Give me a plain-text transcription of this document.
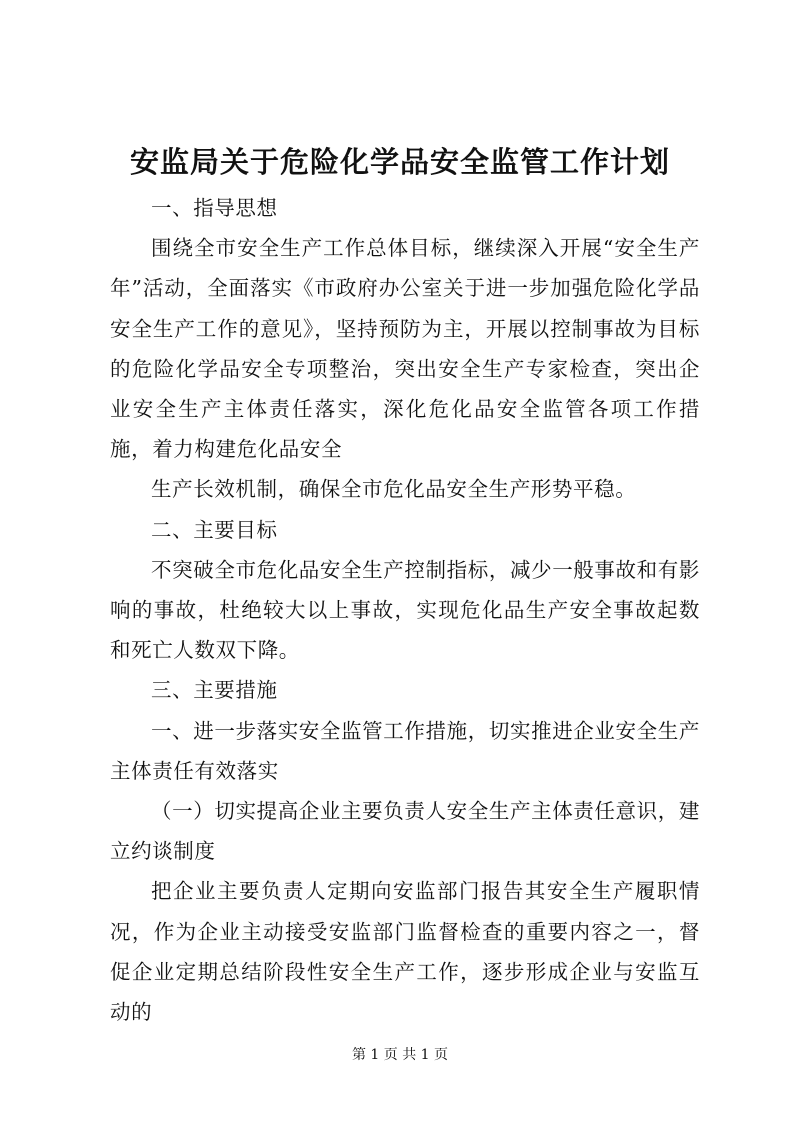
安监局关于危险化学品安全监管工作计划

一、指导思想

围绕全市安全生产工作总体目标，继续深入开展“安全生产年”活动，全面落实《市政府办公室关于进一步加强危险化学品安全生产工作的意见》，坚持预防为主，开展以控制事故为目标的危险化学品安全专项整治，突出安全生产专家检查，突出企业安全生产主体责任落实，深化危化品安全监管各项工作措施，着力构建危化品安全

生产长效机制，确保全市危化品安全生产形势平稳。

二、主要目标

不突破全市危化品安全生产控制指标，减少一般事故和有影响的事故，杜绝较大以上事故，实现危化品生产安全事故起数和死亡人数双下降。

三、主要措施

一、进一步落实安全监管工作措施，切实推进企业安全生产主体责任有效落实

（一）切实提高企业主要负责人安全生产主体责任意识，建立约谈制度

把企业主要负责人定期向安监部门报告其安全生产履职情况，作为企业主动接受安监部门监督检查的重要内容之一，督促企业定期总结阶段性安全生产工作，逐步形成企业与安监互动的

第 1 页 共 1 页
